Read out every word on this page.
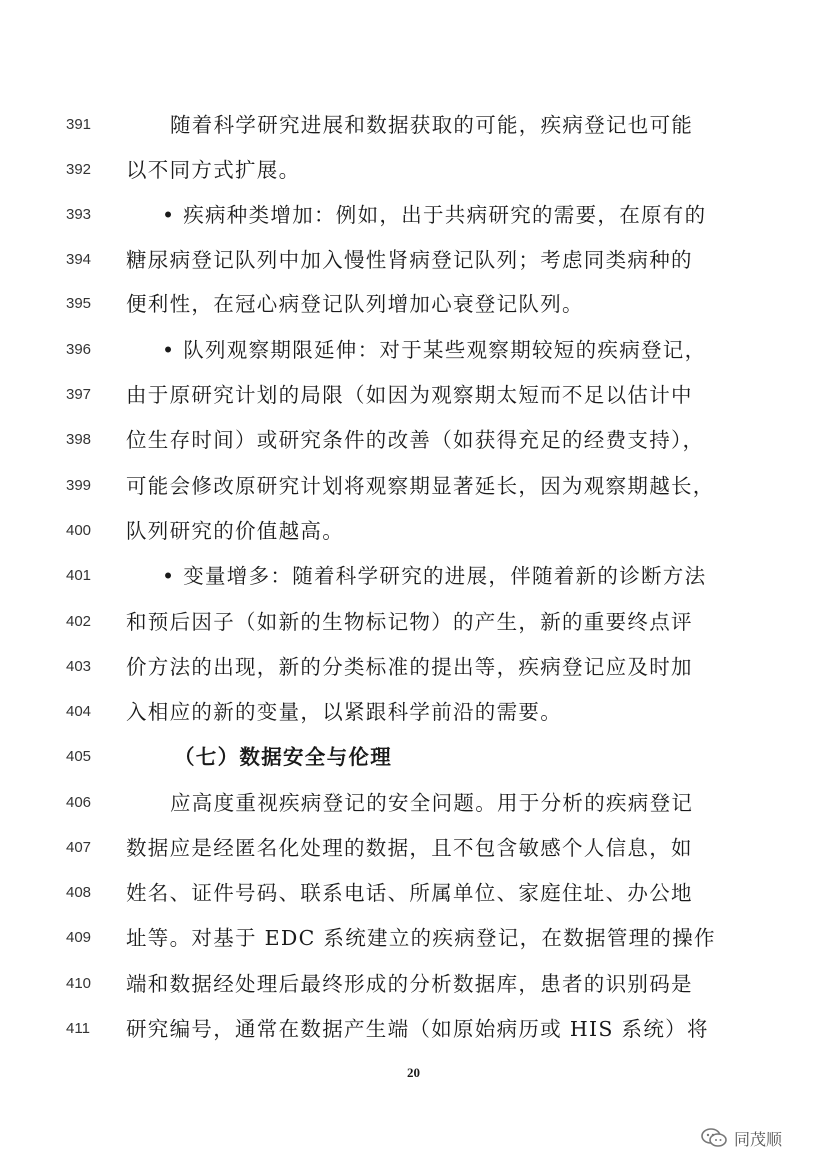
391	随着科学研究进展和数据获取的可能，疾病登记也可能
392	以不同方式扩展。
393	• 疾病种类增加：例如，出于共病研究的需要，在原有的
394	糖尿病登记队列中加入慢性肾病登记队列；考虑同类病种的
395	便利性，在冠心病登记队列增加心衰登记队列。
396	• 队列观察期限延伸：对于某些观察期较短的疾病登记，
397	由于原研究计划的局限（如因为观察期太短而不足以估计中
398	位生存时间）或研究条件的改善（如获得充足的经费支持），
399	可能会修改原研究计划将观察期显著延长，因为观察期越长，
400	队列研究的价值越高。
401	• 变量增多：随着科学研究的进展，伴随着新的诊断方法
402	和预后因子（如新的生物标记物）的产生，新的重要终点评
403	价方法的出现，新的分类标准的提出等，疾病登记应及时加
404	入相应的新的变量，以紧跟科学前沿的需要。
405	（七）数据安全与伦理
406	应高度重视疾病登记的安全问题。用于分析的疾病登记
407	数据应是经匿名化处理的数据，且不包含敏感个人信息，如
408	姓名、证件号码、联系电话、所属单位、家庭住址、办公地
409	址等。对基于 EDC 系统建立的疾病登记，在数据管理的操作
410	端和数据经处理后最终形成的分析数据库，患者的识别码是
411	研究编号，通常在数据产生端（如原始病历或 HIS 系统）将
20
同茂顺
